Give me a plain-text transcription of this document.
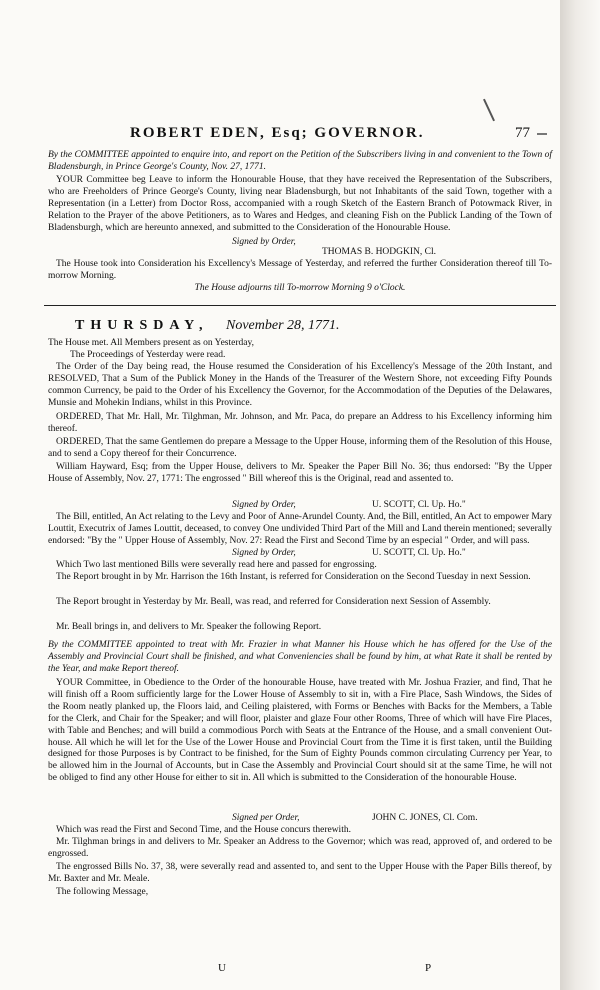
ROBERT EDEN, Esq; GOVERNOR.	77
By the COMMITTEE appointed to enquire into, and report on the Petition of the Subscribers living in and convenient to the Town of Bladensburgh, in Prince George's County, Nov. 27, 1771.
YOUR Committee beg Leave to inform the Honourable House, that they have received the Representation of the Subscribers, who are Freeholders of Prince George's County, living near Bladensburgh, but not Inhabitants of the said Town, together with a Representation (in a Letter) from Doctor Ross, accompanied with a rough Sketch of the Eastern Branch of Potowmack River, in Relation to the Prayer of the above Petitioners, as to Wares and Hedges, and cleaning Fish on the Publick Landing of the Town of Bladensburgh, which are hereunto annexed, and submitted to the Consideration of the Honourable House.
Signed by Order,
THOMAS B. HODGKIN, Cl.
The House took into Consideration his Excellency's Message of Yesterday, and referred the further Consideration thereof till To-morrow Morning.
The House adjourns till To-morrow Morning 9 o'Clock.
THURSDAY, November 28, 1771.
The House met. All Members present as on Yesterday,
The Proceedings of Yesterday were read.
The Order of the Day being read, the House resumed the Consideration of his Excellency's Message of the 20th Instant, and RESOLVED, That a Sum of the Publick Money in the Hands of the Treasurer of the Western Shore, not exceeding Fifty Pounds common Currency, be paid to the Order of his Excellency the Governor, for the Accommodation of the Deputies of the Delawares, Munsie and Mohekin Indians, whilst in this Province.
ORDERED, That Mr. Hall, Mr. Tilghman, Mr. Johnson, and Mr. Paca, do prepare an Address to his Excellency informing him thereof.
ORDERED, That the same Gentlemen do prepare a Message to the Upper House, informing them of the Resolution of this House, and to send a Copy thereof for their Concurrence.
William Hayward, Esq; from the Upper House, delivers to Mr. Speaker the Paper Bill No. 36; thus endorsed: "By the Upper House of Assembly, Nov. 27, 1771: The engrossed " Bill whereof this is the Original, read and assented to.
Signed by Order,	U. SCOTT, Cl. Up. Ho."
The Bill, entitled, An Act relating to the Levy and Poor of Anne-Arundel County. And, the Bill, entitled, An Act to empower Mary Louttit, Executrix of James Louttit, deceased, to convey One undivided Third Part of the Mill and Land therein mentioned; severally endorsed: "By the " Upper House of Assembly, Nov. 27: Read the First and Second Time by an especial " Order, and will pass.
Signed by Order,	U. SCOTT, Cl. Up. Ho."
Which Two last mentioned Bills were severally read here and passed for engrossing.
The Report brought in by Mr. Harrison the 16th Instant, is referred for Consideration on the Second Tuesday in next Session.
The Report brought in Yesterday by Mr. Beall, was read, and referred for Consideration next Session of Assembly.
Mr. Beall brings in, and delivers to Mr. Speaker the following Report.
By the COMMITTEE appointed to treat with Mr. Frazier in what Manner his House which he has offered for the Use of the Assembly and Provincial Court shall be finished, and what Conveniencies shall be found by him, at what Rate it shall be rented by the Year, and make Report thereof.
YOUR Committee, in Obedience to the Order of the honourable House, have treated with Mr. Joshua Frazier, and find, That he will finish off a Room sufficiently large for the Lower House of Assembly to sit in, with a Fire Place, Sash Windows, the Sides of the Room neatly planked up, the Floors laid, and Ceiling plaistered, with Forms or Benches with Backs for the Members, a Table for the Clerk, and Chair for the Speaker; and will floor, plaister and glaze Four other Rooms, Three of which will have Fire Places, with Table and Benches; and will build a commodious Porch with Seats at the Entrance of the House, and a small convenient Out-house. All which he will let for the Use of the Lower House and Provincial Court from the Time it is first taken, until the Building designed for those Purposes is by Contract to be finished, for the Sum of Eighty Pounds common circulating Currency per Year, to be allowed him in the Journal of Accounts, but in Case the Assembly and Provincial Court should sit at the same Time, he will not be obliged to find any other House for either to sit in. All which is submitted to the Consideration of the honourable House.
Signed per Order,	JOHN C. JONES, Cl. Com.
Which was read the First and Second Time, and the House concurs therewith.
Mr. Tilghman brings in and delivers to Mr. Speaker an Address to the Governor; which was read, approved of, and ordered to be engrossed.
The engrossed Bills No. 37, 38, were severally read and assented to, and sent to the Upper House with the Paper Bills thereof, by Mr. Baxter and Mr. Meale.
The following Message,
U	P
